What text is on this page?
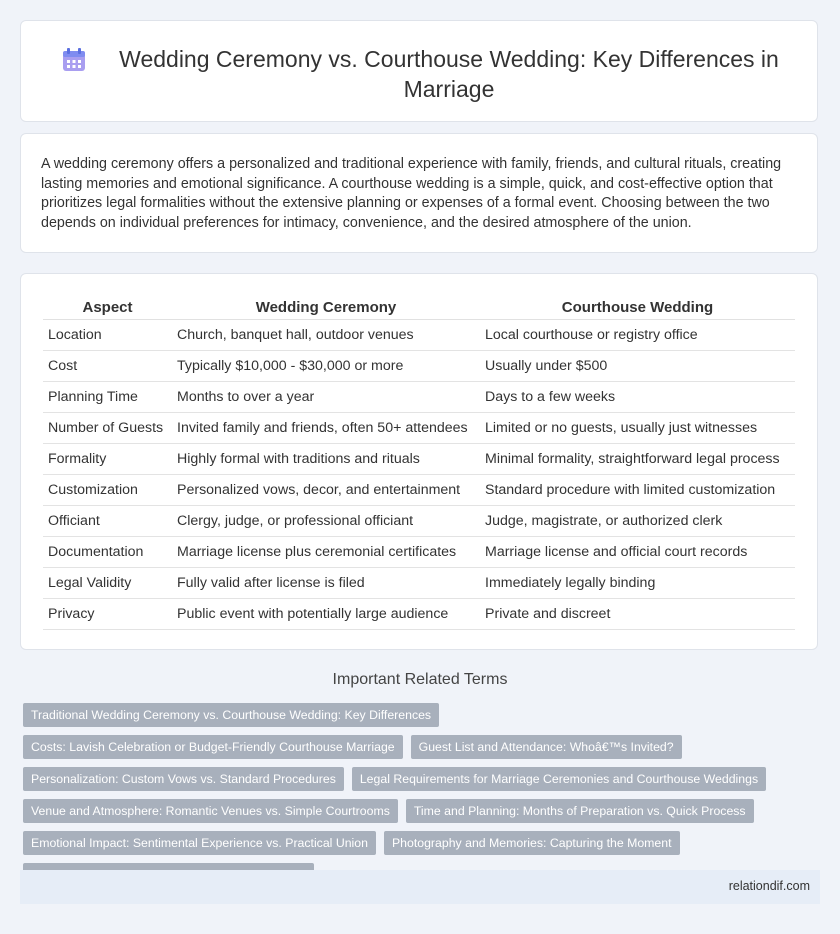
Wedding Ceremony vs. Courthouse Wedding: Key Differences in Marriage

A wedding ceremony offers a personalized and traditional experience with family, friends, and cultural rituals, creating lasting memories and emotional significance. A courthouse wedding is a simple, quick, and cost-effective option that prioritizes legal formalities without the extensive planning or expenses of a formal event. Choosing between the two depends on individual preferences for intimacy, convenience, and the desired atmosphere of the union.

Aspect	Wedding Ceremony	Courthouse Wedding
Location	Church, banquet hall, outdoor venues	Local courthouse or registry office
Cost	Typically $10,000 - $30,000 or more	Usually under $500
Planning Time	Months to over a year	Days to a few weeks
Number of Guests	Invited family and friends, often 50+ attendees	Limited or no guests, usually just witnesses
Formality	Highly formal with traditions and rituals	Minimal formality, straightforward legal process
Customization	Personalized vows, decor, and entertainment	Standard procedure with limited customization
Officiant	Clergy, judge, or professional officiant	Judge, magistrate, or authorized clerk
Documentation	Marriage license plus ceremonial certificates	Marriage license and official court records
Legal Validity	Fully valid after license is filed	Immediately legally binding
Privacy	Public event with potentially large audience	Private and discreet
Important Related Terms
Traditional Wedding Ceremony vs. Courthouse Wedding: Key DifferencesCosts: Lavish Celebration or Budget-Friendly Courthouse Marriage Guest List and Attendance: Whoâ€™s Invited?Personalization: Custom Vows vs. Standard Procedures Legal Requirements for Marriage Ceremonies and Courthouse WeddingsVenue and Atmosphere: Romantic Venues vs. Simple Courtrooms Time and Planning: Months of Preparation vs. Quick ProcessEmotional Impact: Sentimental Experience vs. Practical Union Photography and Memories: Capturing the Moment
relationdif.com
